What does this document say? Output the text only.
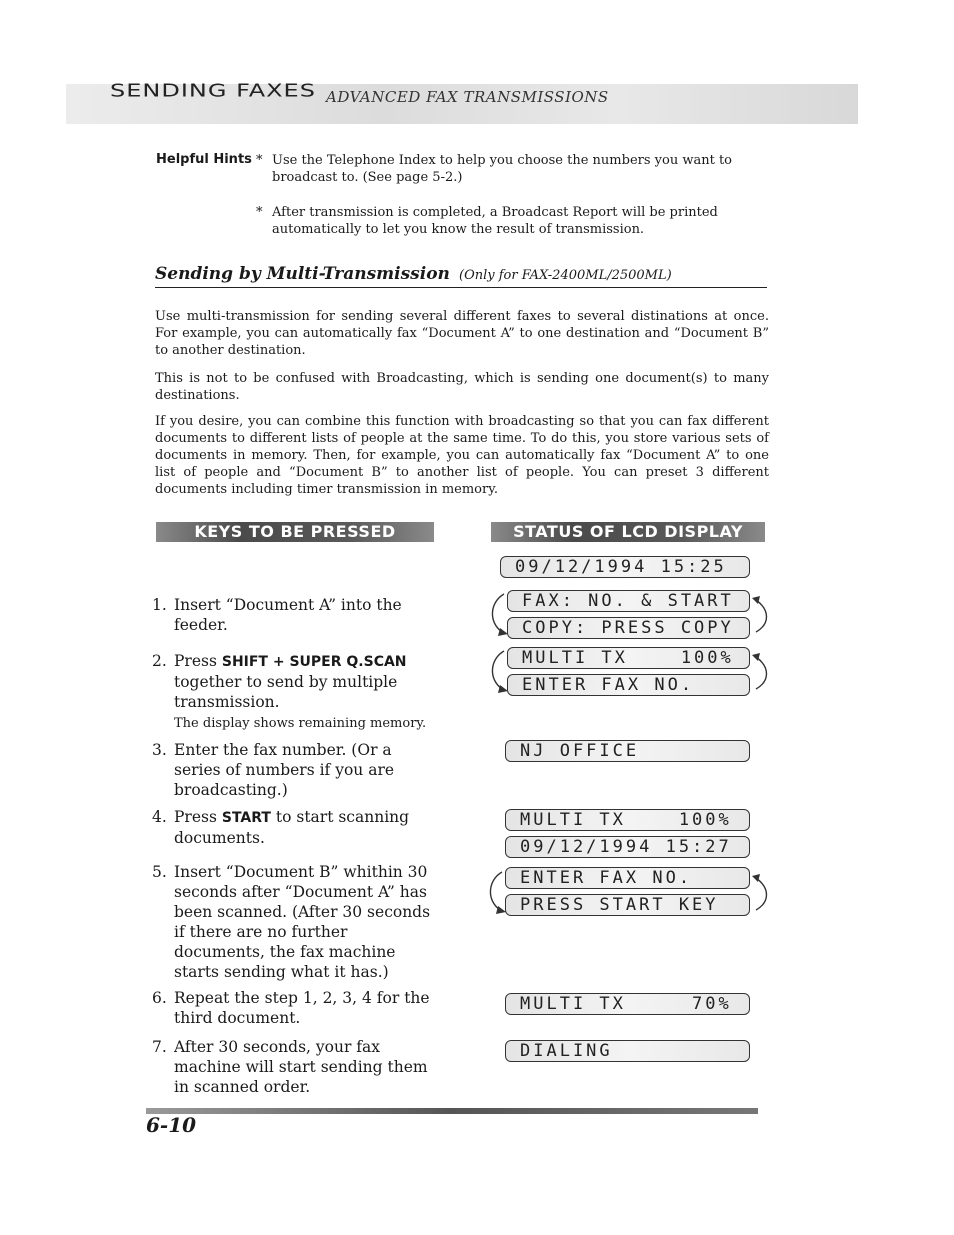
SENDING FAXES ADVANCED FAX TRANSMISSIONS
Helpful Hints * Use the Telephone Index to help you choose the numbers you want to broadcast to. (See page 5-2.)
* After transmission is completed, a Broadcast Report will be printed automatically to let you know the result of transmission.
Sending by Multi-Transmission (Only for FAX-2400ML/2500ML)
Use multi-transmission for sending several different faxes to several distinations at once. For example, you can automatically fax “Document A” to one destination and “Document B” to another destination.
This is not to be confused with Broadcasting, which is sending one document(s) to many destinations.
If you desire, you can combine this function with broadcasting so that you can fax different documents to different lists of people at the same time. To do this, you store various sets of documents in memory. Then, for example, you can automatically fax “Document A” to one list of people and “Document B” to another list of people. You can preset 3 different documents including timer transmission in memory.
KEYS TO BE PRESSED	STATUS OF LCD DISPLAY
1. Insert “Document A” into the feeder.
2. Press SHIFT + SUPER Q.SCAN together to send by multiple transmission.
The display shows remaining memory.
3. Enter the fax number. (Or a series of numbers if you are broadcasting.)
4. Press START to start scanning documents.
5. Insert “Document B” whithin 30 seconds after “Document A” has been scanned. (After 30 seconds if there are no further documents, the fax machine starts sending what it has.)
6. Repeat the step 1, 2, 3, 4 for the third document.
7. After 30 seconds, your fax machine will start sending them in scanned order.
09/12/1994 15:25
FAX: NO. & START
COPY: PRESS COPY
MULTI TX    100%
ENTER FAX NO.
NJ OFFICE
MULTI TX    100%
09/12/1994 15:27
ENTER FAX NO.
PRESS START KEY
MULTI TX     70%
DIALING
6-10
